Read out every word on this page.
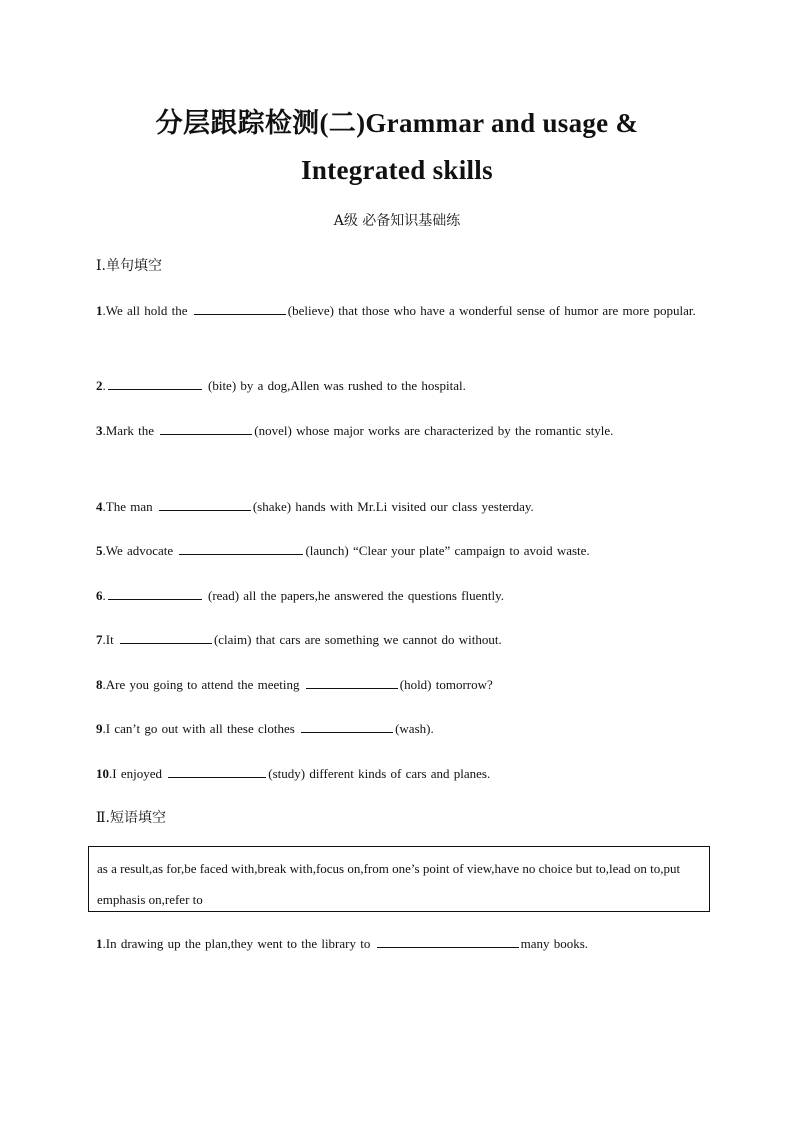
分层跟踪检测(二)Grammar and usage &
Integrated skills
A级 必备知识基础练
Ⅰ.单句填空
1.We all hold the	(believe) that those who have a wonderful sense of humor are more popular.
2.	(bite) by a dog,Allen was rushed to the hospital.
3.Mark the	(novel) whose major works are characterized by the romantic style.
4.The man	(shake) hands with Mr.Li visited our class yesterday.
5.We advocate	(launch) “Clear your plate” campaign to avoid waste.
6.	(read) all the papers,he answered the questions fluently.
7.It	(claim) that cars are something we cannot do without.
8.Are you going to attend the meeting	(hold) tomorrow?
9.I can’t go out with all these clothes	(wash).
10.I enjoyed	(study) different kinds of cars and planes.
Ⅱ.短语填空
as a result,as for,be faced with,break with,focus on,from one’s point of view,have no choice but to,lead on to,put emphasis on,refer to
1.In drawing up the plan,they went to the library to	many books.
